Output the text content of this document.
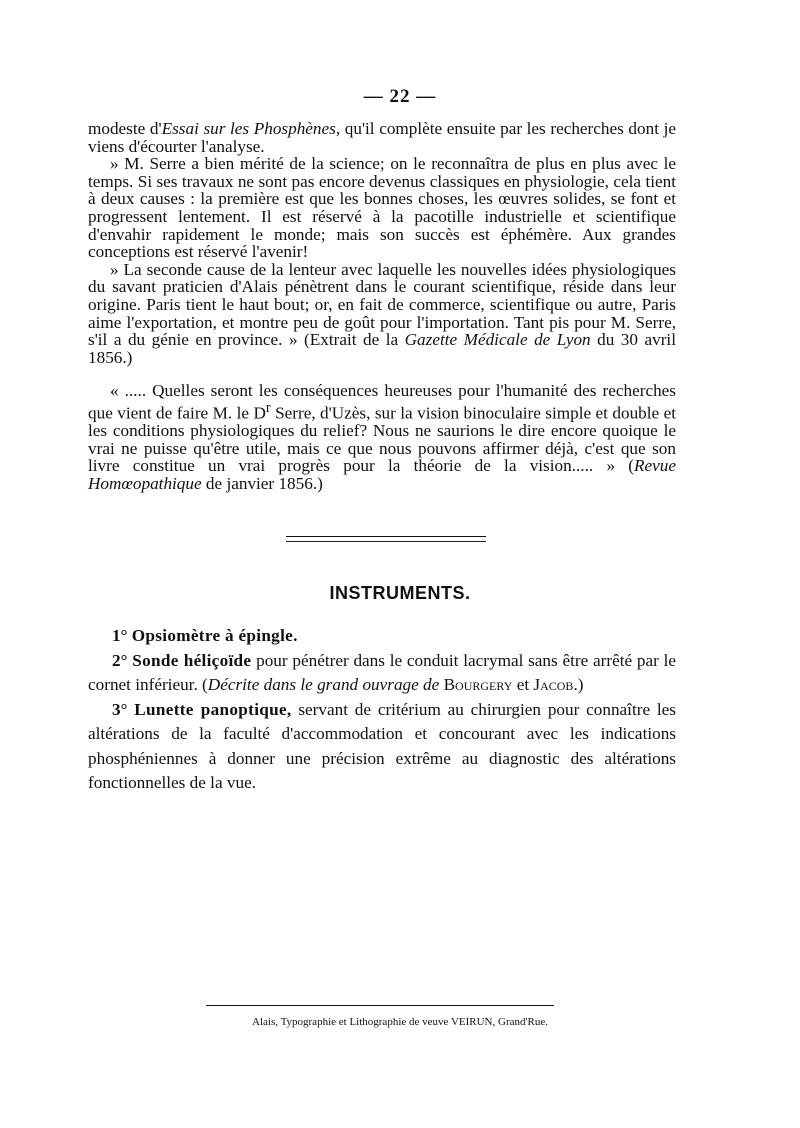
— 22 —

modeste d'Essai sur les Phosphènes, qu'il complète ensuite par les recherches dont je viens d'écourter l'analyse.

» M. Serre a bien mérité de la science; on le reconnaîtra de plus en plus avec le temps. Si ses travaux ne sont pas encore devenus classiques en physiologie, cela tient à deux causes : la première est que les bonnes choses, les œuvres solides, se font et progressent lentement. Il est réservé à la pacotille industrielle et scientifique d'envahir rapidement le monde; mais son succès est éphémère. Aux grandes conceptions est réservé l'avenir!

» La seconde cause de la lenteur avec laquelle les nouvelles idées physiologiques du savant praticien d'Alais pénètrent dans le courant scientifique, réside dans leur origine. Paris tient le haut bout; or, en fait de commerce, scientifique ou autre, Paris aime l'exportation, et montre peu de goût pour l'importation. Tant pis pour M. Serre, s'il a du génie en province. » (Extrait de la Gazette Médicale de Lyon du 30 avril 1856.)

« ..... Quelles seront les conséquences heureuses pour l'humanité des recherches que vient de faire M. le $D^r$ Serre, d'Uzès, sur la vision binoculaire simple et double et les conditions physiologiques du relief? Nous ne saurions le dire encore quoique le vrai ne puisse qu'être utile, mais ce que nous pouvons affirmer déjà, c'est que son livre constitue un vrai progrès pour la théorie de la vision..... » (Revue Homœopathique de janvier 1856.)

INSTRUMENTS.

1° Opsiomètre à épingle.

2° Sonde héliçoïde pour pénétrer dans le conduit lacrymal sans être arrêté par le cornet inférieur. (Décrite dans le grand ouvrage de Bourgery et Jacob.)

3° Lunette panoptique, servant de critérium au chirurgien pour connaître les altérations de la faculté d'accommodation et concourant avec les indications phosphéniennes à donner une précision extrême au diagnostic des altérations fonctionnelles de la vue.

Alais, Typographie et Lithographie de veuve VEIRUN, Grand'Rue.
